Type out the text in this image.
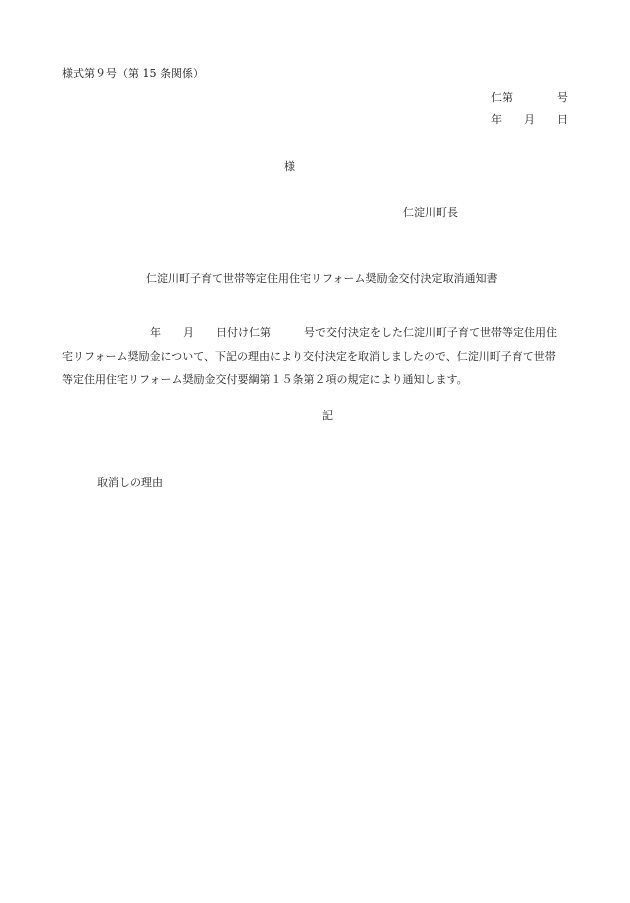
様式第９号（第 15 条関係）
仁第　　　　号
年　　月　　日
様
仁淀川町長
仁淀川町子育て世帯等定住用住宅リフォーム奨励金交付決定取消通知書
　　　　　　　　年　　月　　日付け仁第　　　号で交付決定をした仁淀川町子育て世帯等定住用住
宅リフォーム奨励金について、下記の理由により交付決定を取消しましたので、仁淀川町子育て世帯
等定住用住宅リフォーム奨励金交付要綱第１５条第２項の規定により通知します。
記
取消しの理由
